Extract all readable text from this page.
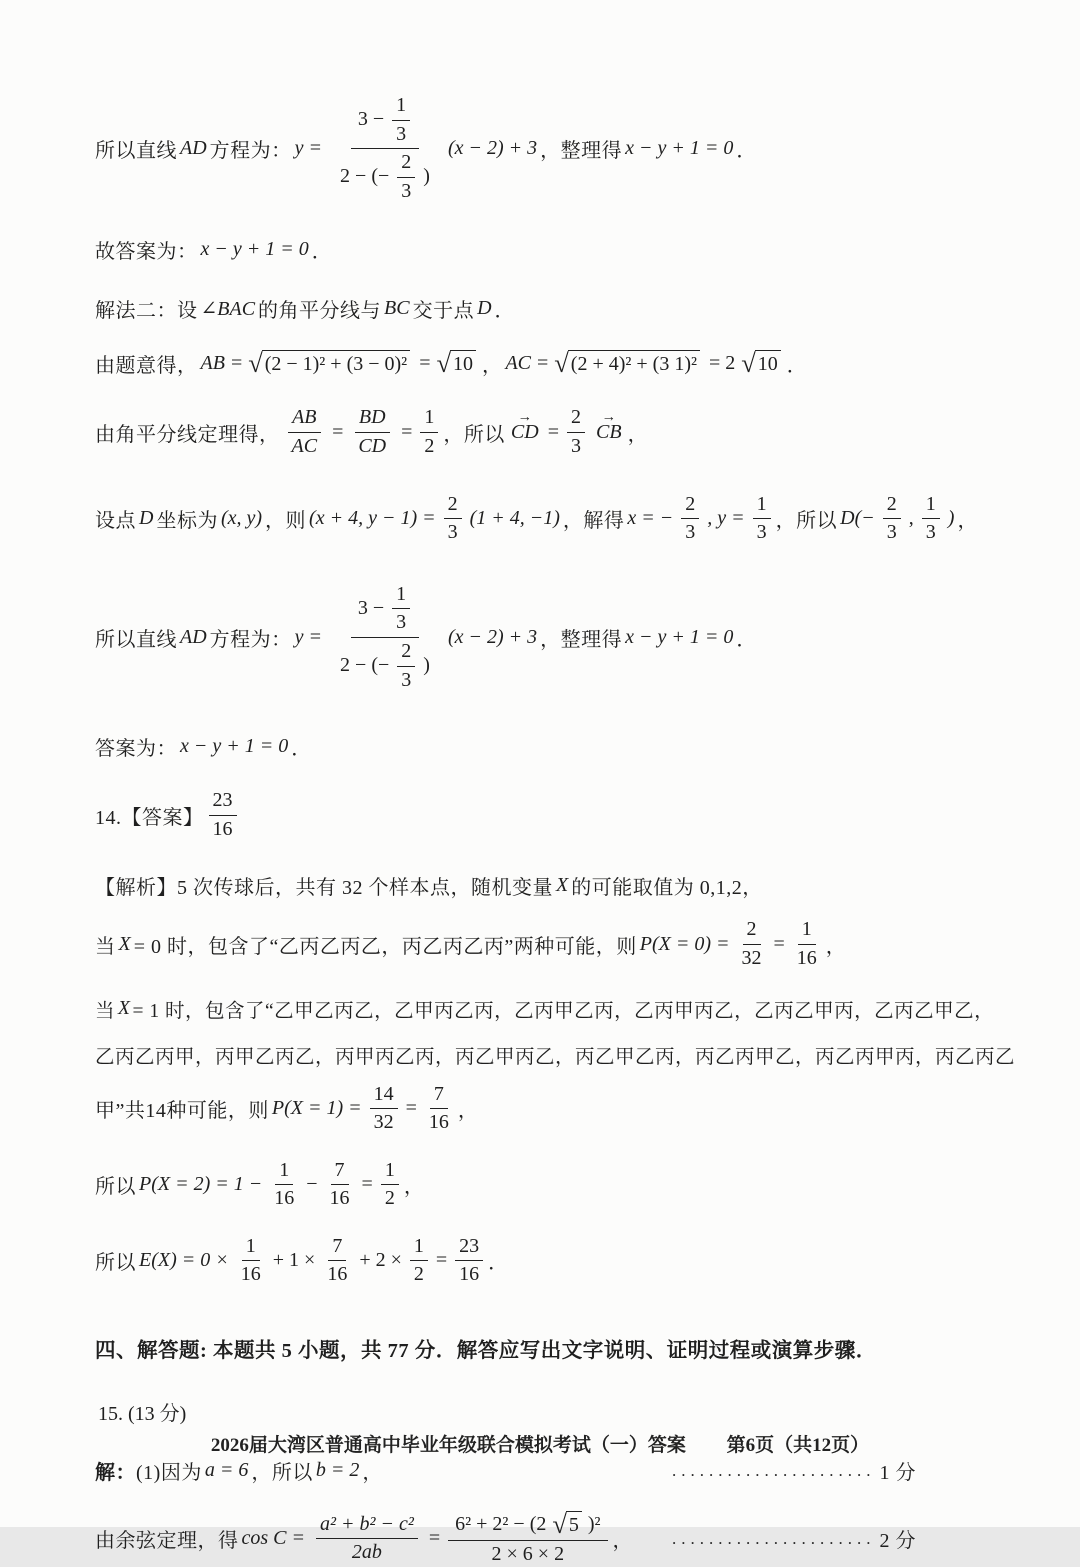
所以直线 AD 方程为： y =
$3 - \frac{1}{3}$
2 − (− $\frac{2}{3}$ )
(x − 2) + 3 ，整理得 x − y + 1 = 0 ．
故答案为： x − y + 1 = 0 ．
解法二：设 ∠BAC 的角平分线与 BC 交于点 D ．
由题意得， AB = √ (2 − 1)² + (3 − 0)² = √ 10 ， AC = √ (2 + 4)² + (3 1)² = 2 √ 10 ．
由角平分线定理得， $\frac{AB}{AC} = \frac{BD}{CD} = \frac{1}{2}$ ，所以 CD → = $\frac{2}{3}$ CB → ，
设点 D 坐标为 (x, y) ，则 (x + 4, $y - 1) = \frac{2}{3} (1 + 4$, −1) ，解得 x = − $\frac{2}{3}$ , $y = \frac{1}{3}$ ，所以 $D(- \frac{2}{3}$ , $\frac{1}{3}$ ) ，
所以直线 AD 方程为： y =
$3 - \frac{1}{3}$
2 − (− $\frac{2}{3}$ )
(x − 2) + 3 ，整理得 x − y + 1 = 0 ．
答案为： x − y + 1 = 0 ．
14.【答案】 $\frac{23}{16}$
【解析】5 次传球后，共有 32 个样本点，随机变量 X 的可能取值为 0,1,2，
当 X = 0 时，包含了“乙丙乙丙乙，丙乙丙乙丙”两种可能，则 $P(X = 0) = \frac{2}{32} = \frac{1}{16}$ ，
当 X = 1 时，包含了“乙甲乙丙乙，乙甲丙乙丙，乙丙甲乙丙，乙丙甲丙乙，乙丙乙甲丙，乙丙乙甲乙，
乙丙乙丙甲，丙甲乙丙乙，丙甲丙乙丙，丙乙甲丙乙，丙乙甲乙丙，丙乙丙甲乙，丙乙丙甲丙，丙乙丙乙
甲”共14种可能，则 $P(X = 1) = \frac{14}{32} = \frac{7}{16}$ ，
所以 $P(X = 2) = 1 - \frac{1}{16} - \frac{7}{16} = \frac{1}{2}$ ，
所以 $E(X) = 0 \times \frac{1}{16} + 1 \times \frac{7}{16} + 2 \times \frac{1}{2} = \frac{23}{16}$ ．
四、解答题: 本题共 5 小题，共 77 分．解答应写出文字说明、证明过程或演算步骤．
15. (13 分)
解： (1)因为 a = 6 ，所以 b = 2 ，	...................... 1 分
由余弦定理，得 $\cos C = \frac{\text{a² + b² − c²}}{2ab}$ =
6² + 2² − (2 √ 5 )²
2 × 6 × 2
， ...................... 2 分
2026届大湾区普通高中毕业年级联合模拟考试（一）答案 第6页（共12页）
